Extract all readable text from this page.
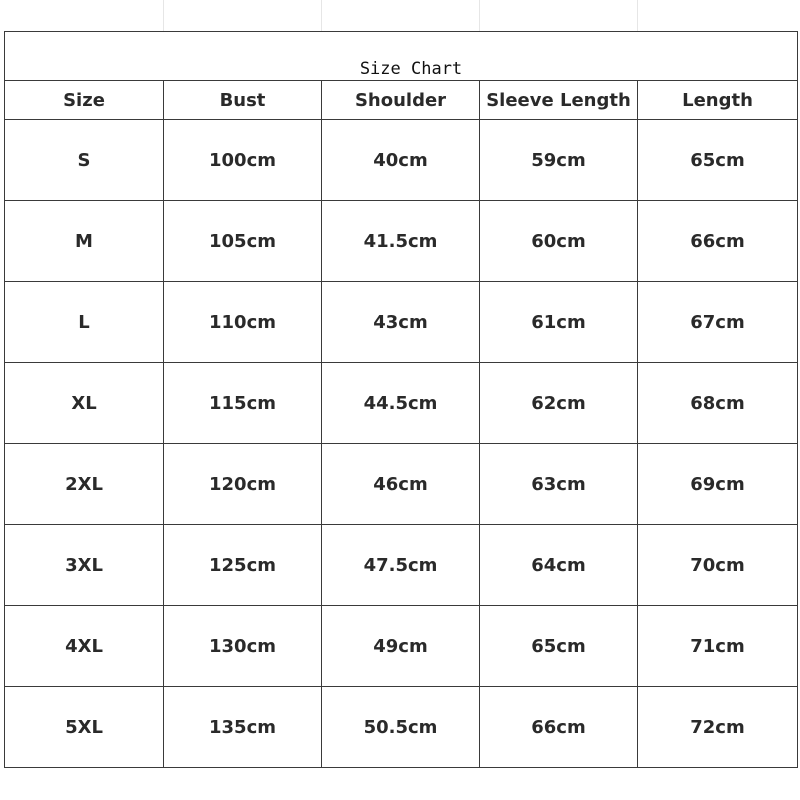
Size Chart				
Size	Bust	Shoulder	Sleeve Length	Length
S	100cm	40cm	59cm	65cm
M	105cm	41.5cm	60cm	66cm
L	110cm	43cm	61cm	67cm
XL	115cm	44.5cm	62cm	68cm
2XL	120cm	46cm	63cm	69cm
3XL	125cm	47.5cm	64cm	70cm
4XL	130cm	49cm	65cm	71cm
5XL	135cm	50.5cm	66cm	72cm
